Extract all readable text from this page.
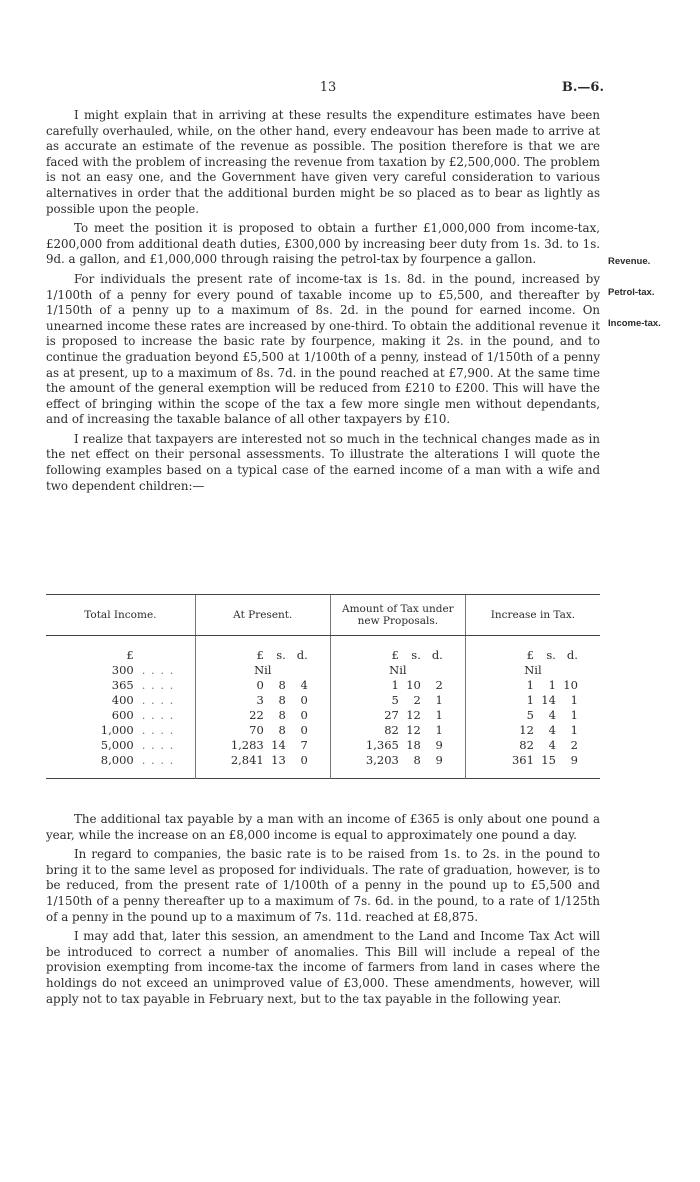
13	B.—6.

I might explain that in arriving at these results the expenditure estimates have been carefully overhauled, while, on the other hand, every endeavour has been made to arrive at as accurate an estimate of the revenue as possible. The position therefore is that we are faced with the problem of increasing the revenue from taxation by £2,500,000. The problem is not an easy one, and the Government have given very careful consideration to various alternatives in order that the additional burden might be so placed as to bear as lightly as possible upon the people.

To meet the position it is proposed to obtain a further £1,000,000 from income-tax, £200,000 from additional death duties, £300,000 by increasing beer duty from 1s. 3d. to 1s. 9d. a gallon, and £1,000,000 through raising the petrol-tax by fourpence a gallon.

For individuals the present rate of income-tax is 1s. 8d. in the pound, increased by 1/100th of a penny for every pound of taxable income up to £5,500, and thereafter by 1/150th of a penny up to a maximum of 8s. 2d. in the pound for earned income. On unearned income these rates are increased by one-third. To obtain the additional revenue it is proposed to increase the basic rate by fourpence, making it 2s. in the pound, and to continue the graduation beyond £5,500 at 1/100th of a penny, instead of 1/150th of a penny as at present, up to a maximum of 8s. 7d. in the pound reached at £7,900. At the same time the amount of the general exemption will be reduced from £210 to £200. This will have the effect of bringing within the scope of the tax a few more single men without dependants, and of increasing the taxable balance of all other taxpayers by £10.

I realize that taxpayers are interested not so much in the technical changes made as in the net effect on their personal assessments. To illustrate the alterations I will quote the following examples based on a typical case of the earned income of a man with a wife and two dependent children:—

Revenue.
Petrol-tax.
Income-tax.
Total Income.		At Present.	Amount of Tax under new Proposals.	Increase in Tax.
£		£ s. d.	£ s. d.	£ s. d.

300	. . . .	Nil	Nil	Nil
365	. . . .	0 8 4	1 10 2	1 1 10

400	. . . .	3 8 0	5 2 1	1 14 1

600	. . . .	22 8 0	27 12 1	5 4 1

1,000	. . . .	70 8 0	82 12 1	12 4 1

5,000	. . . .	1,283 14 7	1,365 18 9	82 4 2

8,000	. . . .	2,841 13 0	3,203 8 9	361 15 9

The additional tax payable by a man with an income of £365 is only about one pound a year, while the increase on an £8,000 income is equal to approximately one pound a day.

In regard to companies, the basic rate is to be raised from 1s. to 2s. in the pound to bring it to the same level as proposed for individuals. The rate of graduation, however, is to be reduced, from the present rate of 1/100th of a penny in the pound up to £5,500 and 1/150th of a penny thereafter up to a maximum of 7s. 6d. in the pound, to a rate of 1/125th of a penny in the pound up to a maximum of 7s. 11d. reached at £8,875.

I may add that, later this session, an amendment to the Land and Income Tax Act will be introduced to correct a number of anomalies. This Bill will include a repeal of the provision exempting from income-tax the income of farmers from land in cases where the holdings do not exceed an unimproved value of £3,000. These amendments, however, will apply not to tax payable in February next, but to the tax payable in the following year.
